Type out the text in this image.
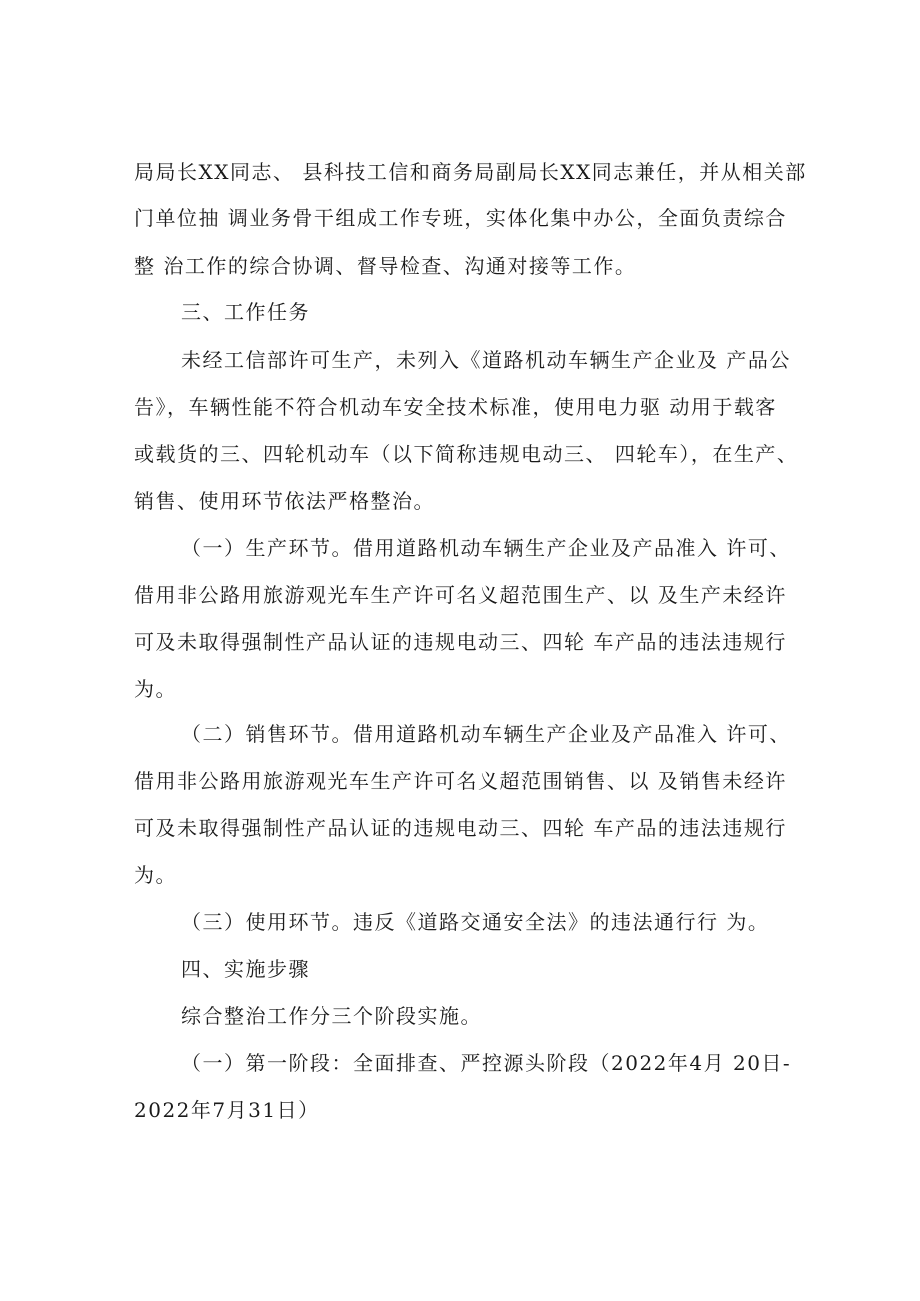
局局长XX同志、 县科技工信和商务局副局长XX同志兼任，并从相关部
门单位抽 调业务骨干组成工作专班，实体化集中办公，全面负责综合
整 治工作的综合协调、督导检查、沟通对接等工作。
三、工作任务
未经工信部许可生产，未列入《道路机动车辆生产企业及 产品公
告》，车辆性能不符合机动车安全技术标准，使用电力驱 动用于载客
或载货的三、四轮机动车（以下简称违规电动三、 四轮车），在生产、
销售、使用环节依法严格整治。
（一）生产环节。借用道路机动车辆生产企业及产品准入 许可、
借用非公路用旅游观光车生产许可名义超范围生产、以 及生产未经许
可及未取得强制性产品认证的违规电动三、四轮 车产品的违法违规行
为。
（二）销售环节。借用道路机动车辆生产企业及产品准入 许可、
借用非公路用旅游观光车生产许可名义超范围销售、以 及销售未经许
可及未取得强制性产品认证的违规电动三、四轮 车产品的违法违规行
为。
（三）使用环节。违反《道路交通安全法》的违法通行行 为。
四、实施步骤
综合整治工作分三个阶段实施。
（一）第一阶段：全面排查、严控源头阶段（2022年4月 20日-
2022年7月31日）
